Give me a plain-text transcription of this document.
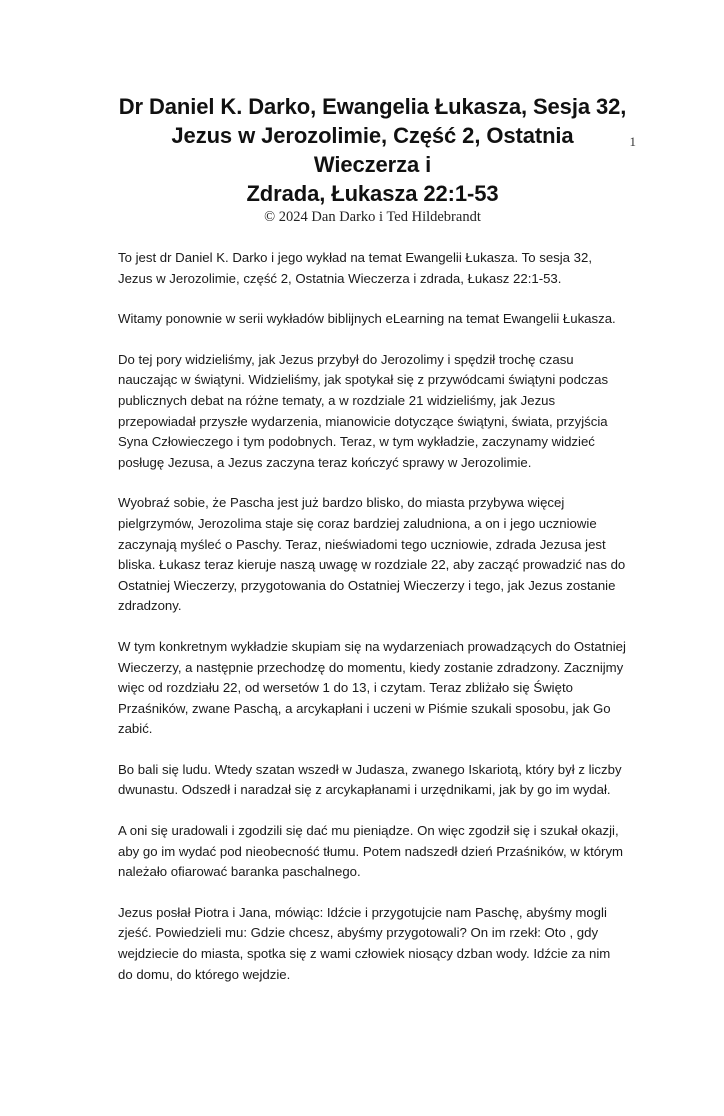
1
Dr Daniel K. Darko, Ewangelia Łukasza, Sesja 32,
Jezus w Jerozolimie, Część 2, Ostatnia Wieczerza i
Zdrada, Łukasza 22:1-53

© 2024 Dan Darko i Ted Hildebrandt

To jest dr Daniel K. Darko i jego wykład na temat Ewangelii Łukasza. To sesja 32, Jezus w Jerozolimie, część 2, Ostatnia Wieczerza i zdrada, Łukasz 22:1-53.

Witamy ponownie w serii wykładów biblijnych eLearning na temat Ewangelii Łukasza.

Do tej pory widzieliśmy, jak Jezus przybył do Jerozolimy i spędził trochę czasu nauczając w świątyni. Widzieliśmy, jak spotykał się z przywódcami świątyni podczas publicznych debat na różne tematy, a w rozdziale 21 widzieliśmy, jak Jezus przepowiadał przyszłe wydarzenia, mianowicie dotyczące świątyni, świata, przyjścia Syna Człowieczego i tym podobnych. Teraz, w tym wykładzie, zaczynamy widzieć posługę Jezusa, a Jezus zaczyna teraz kończyć sprawy w Jerozolimie.

Wyobraź sobie, że Pascha jest już bardzo blisko, do miasta przybywa więcej pielgrzymów, Jerozolima staje się coraz bardziej zaludniona, a on i jego uczniowie zaczynają myśleć o Paschy. Teraz, nieświadomi tego uczniowie, zdrada Jezusa jest bliska. Łukasz teraz kieruje naszą uwagę w rozdziale 22, aby zacząć prowadzić nas do Ostatniej Wieczerzy, przygotowania do Ostatniej Wieczerzy i tego, jak Jezus zostanie zdradzony.

W tym konkretnym wykładzie skupiam się na wydarzeniach prowadzących do Ostatniej Wieczerzy, a następnie przechodzę do momentu, kiedy zostanie zdradzony. Zacznijmy więc od rozdziału 22, od wersetów 1 do 13, i czytam. Teraz zbliżało się Święto Przaśników, zwane Paschą, a arcykapłani i uczeni w Piśmie szukali sposobu, jak Go zabić.

Bo bali się ludu. Wtedy szatan wszedł w Judasza, zwanego Iskariotą, który był z liczby dwunastu. Odszedł i naradzał się z arcykapłanami i urzędnikami, jak by go im wydał.

A oni się uradowali i zgodzili się dać mu pieniądze. On więc zgodził się i szukał okazji, aby go im wydać pod nieobecność tłumu. Potem nadszedł dzień Przaśników, w którym należało ofiarować baranka paschalnego.

Jezus posłał Piotra i Jana, mówiąc: Idźcie i przygotujcie nam Paschę, abyśmy mogli zjeść. Powiedzieli mu: Gdzie chcesz, abyśmy przygotowali? On im rzekł: Oto , gdy wejdziecie do miasta, spotka się z wami człowiek niosący dzban wody. Idźcie za nim do domu, do którego wejdzie.
